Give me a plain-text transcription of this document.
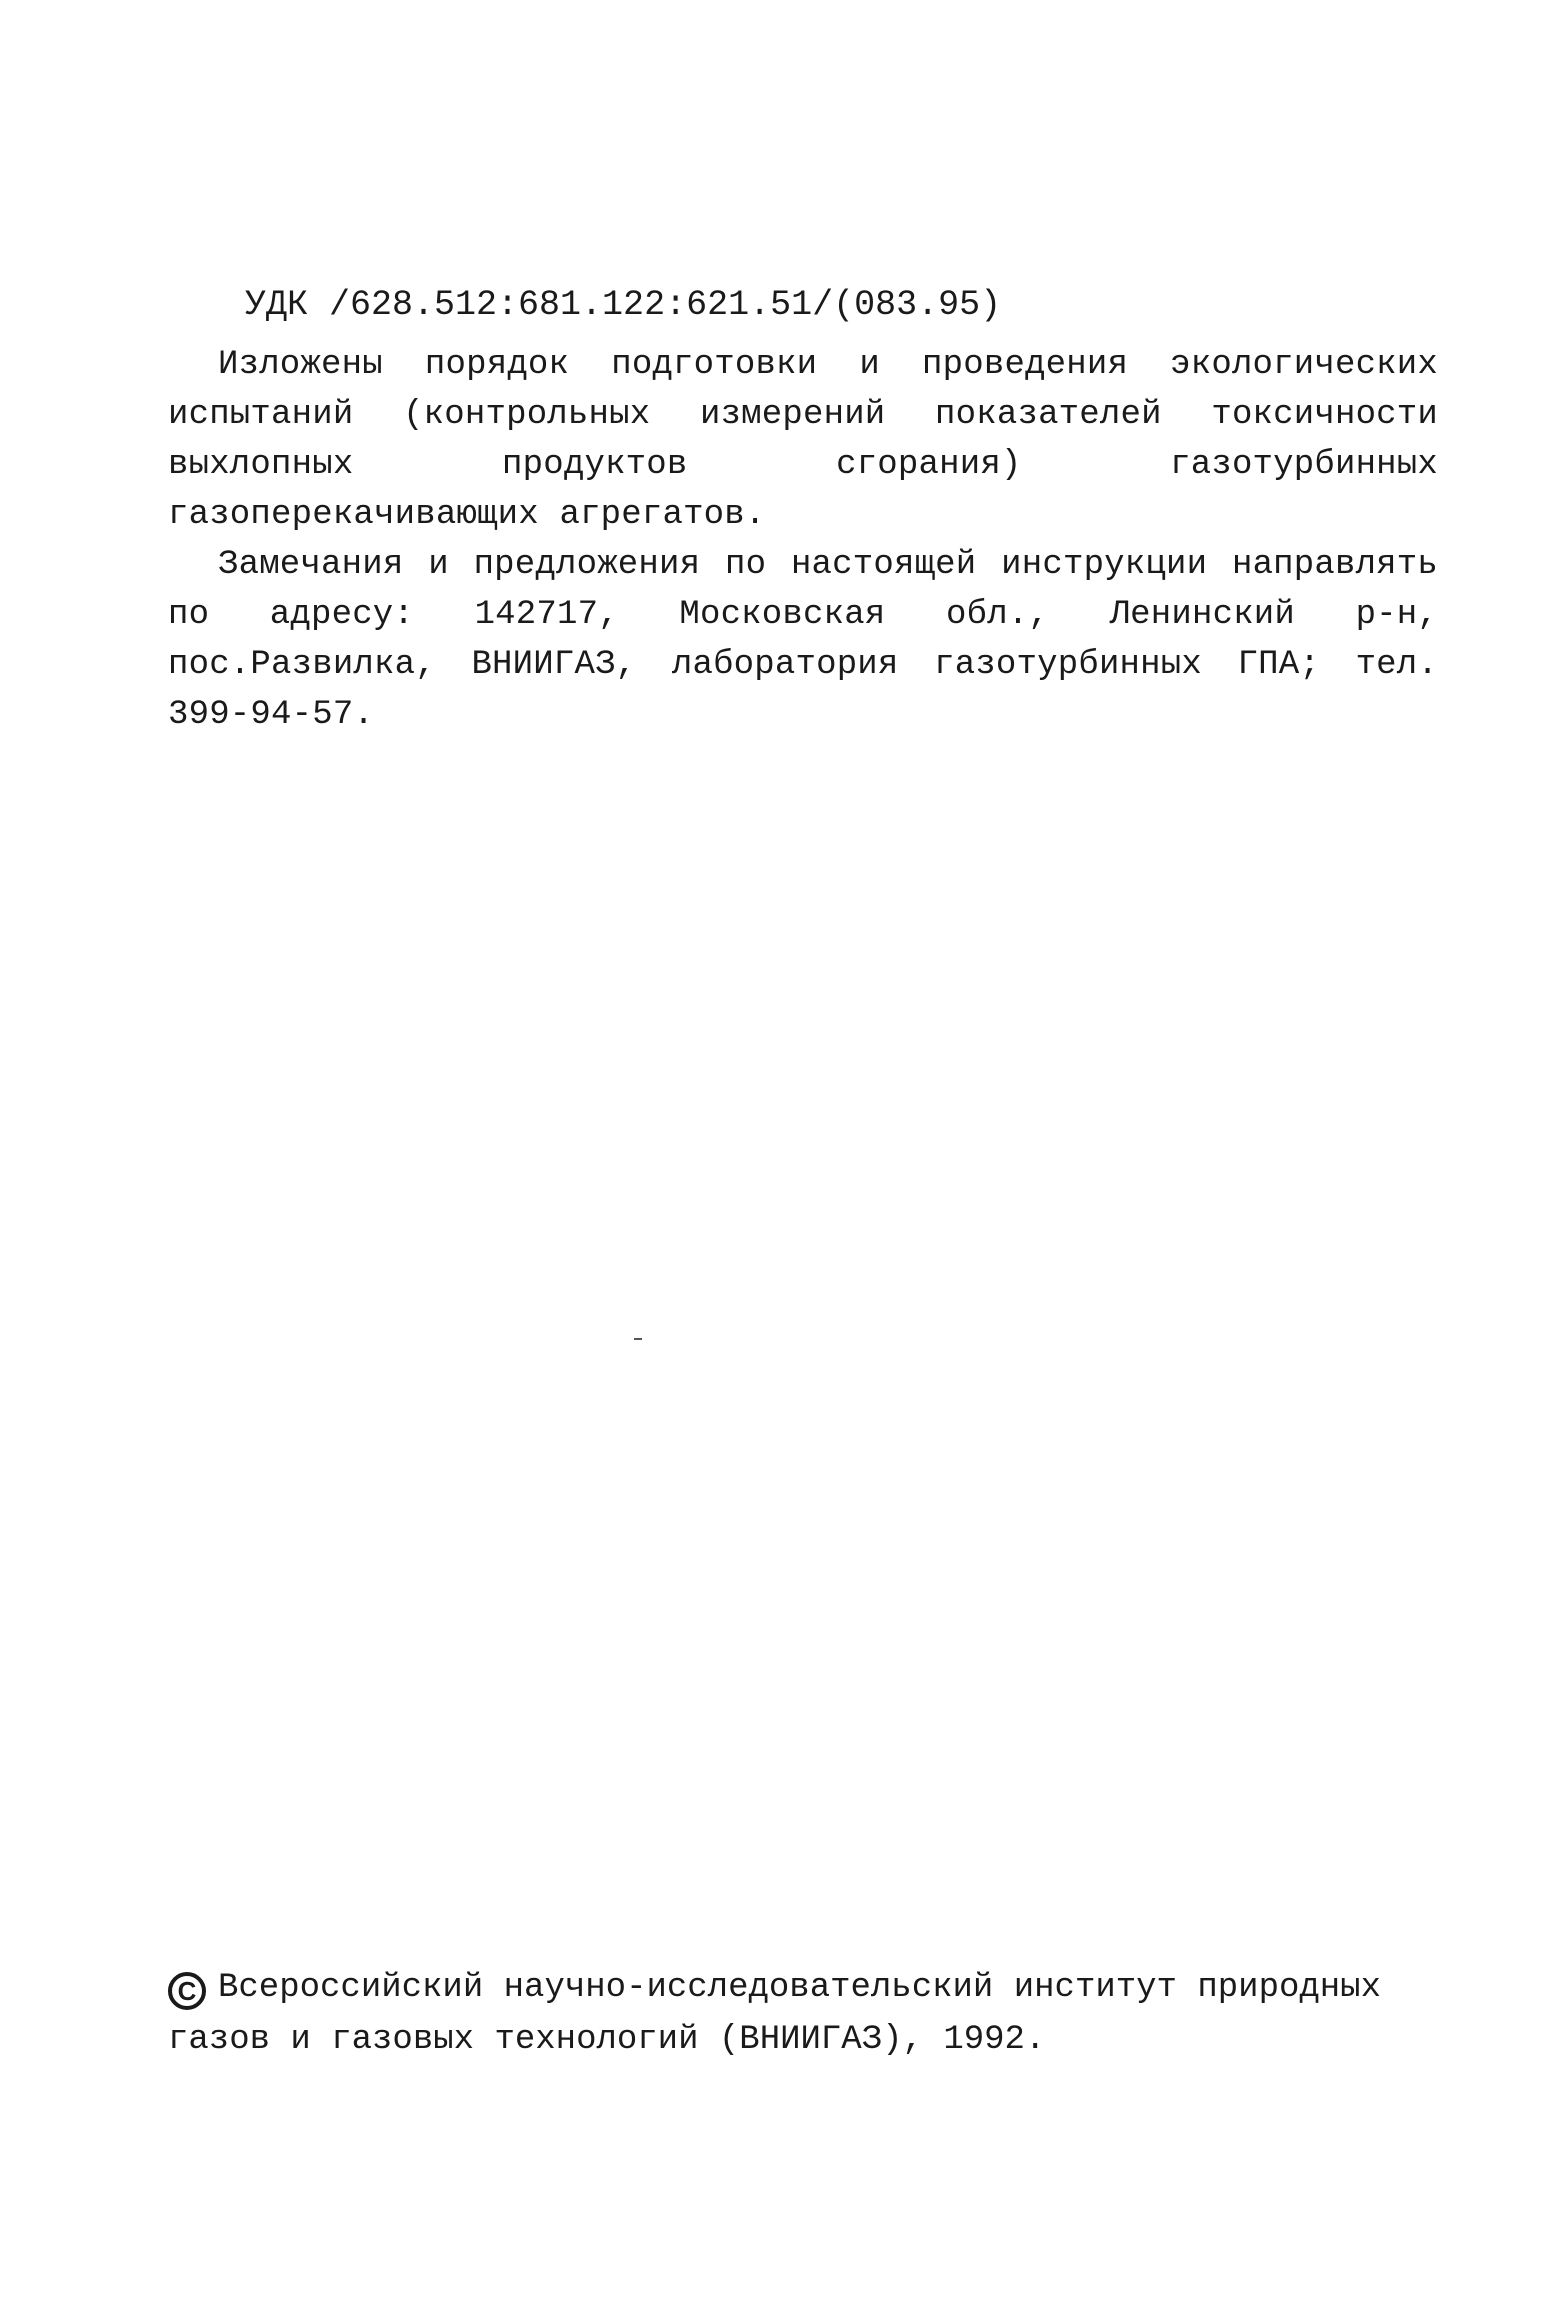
УДК /628.512:681.122:621.51/(083.95)

Изложены порядок подготовки и проведения экологических испытаний (контрольных измерений показателей токсичности выхлопных продуктов сгорания) газотурбинных газоперекачивающих агрегатов.

Замечания и предложения по настоящей инструкции направлять по адресу: 142717, Московская обл., Ленинский р-н, пос.Развилка, ВНИИГАЗ, лаборатория газотурбинных ГПА; тел. 399-94-57.

C Всероссийский научно-исследовательский институт природных
газов и газовых технологий (ВНИИГАЗ), 1992.
